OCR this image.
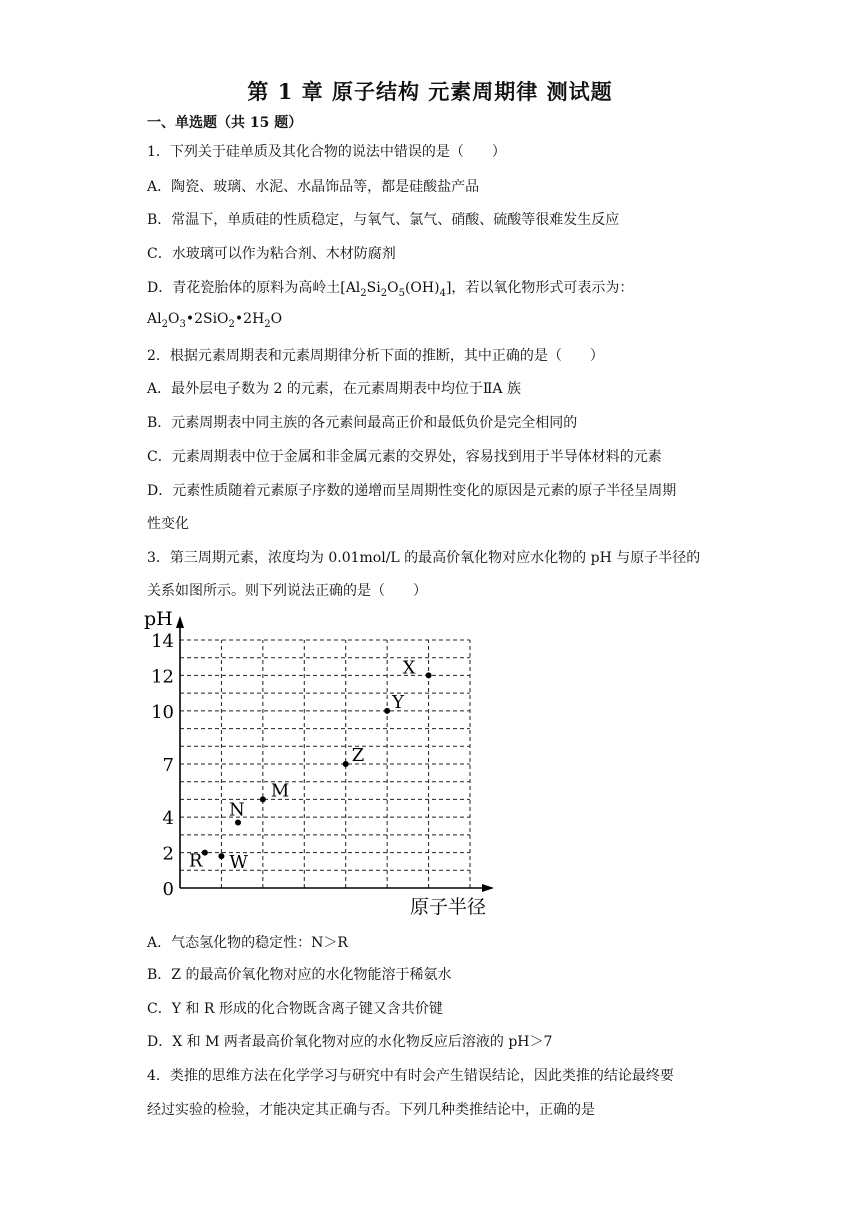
第 1 章 原子结构 元素周期律 测试题
一、单选题（共 15 题）
1．下列关于硅单质及其化合物的说法中错误的是（　　）
A．陶瓷、玻璃、水泥、水晶饰品等，都是硅酸盐产品
B．常温下，单质硅的性质稳定，与氧气、氯气、硝酸、硫酸等很难发生反应
C．水玻璃可以作为粘合剂、木材防腐剂
D．青花瓷胎体的原料为高岭土$[Al_2Si_2O_5(OH)_4]$，若以氧化物形式可表示为：
$Al_2O_3•2SiO_2•2H_2O$
2．根据元素周期表和元素周期律分析下面的推断，其中正确的是（　　）
A．最外层电子数为 2 的元素，在元素周期表中均位于ⅡA 族
B．元素周期表中同主族的各元素间最高正价和最低负价是完全相同的
C．元素周期表中位于金属和非金属元素的交界处，容易找到用于半导体材料的元素
D．元素性质随着元素原子序数的递增而呈周期性变化的原因是元素的原子半径呈周期
性变化
3．第三周期元素，浓度均为 0.01mol/L 的最高价氧化物对应水化物的 pH 与原子半径的
关系如图所示。则下列说法正确的是（　　）
0
2
4
7
10
12
14
R W
N
M
Z
Y
X
pH
原子半径
A．气态氢化物的稳定性：N＞R
B．Z 的最高价氧化物对应的水化物能溶于稀氨水
C．Y 和 R 形成的化合物既含离子键又含共价键
D．X 和 M 两者最高价氧化物对应的水化物反应后溶液的 pH＞7
4．类推的思维方法在化学学习与研究中有时会产生错误结论，因此类推的结论最终要
经过实验的检验，才能决定其正确与否。下列几种类推结论中，正确的是
